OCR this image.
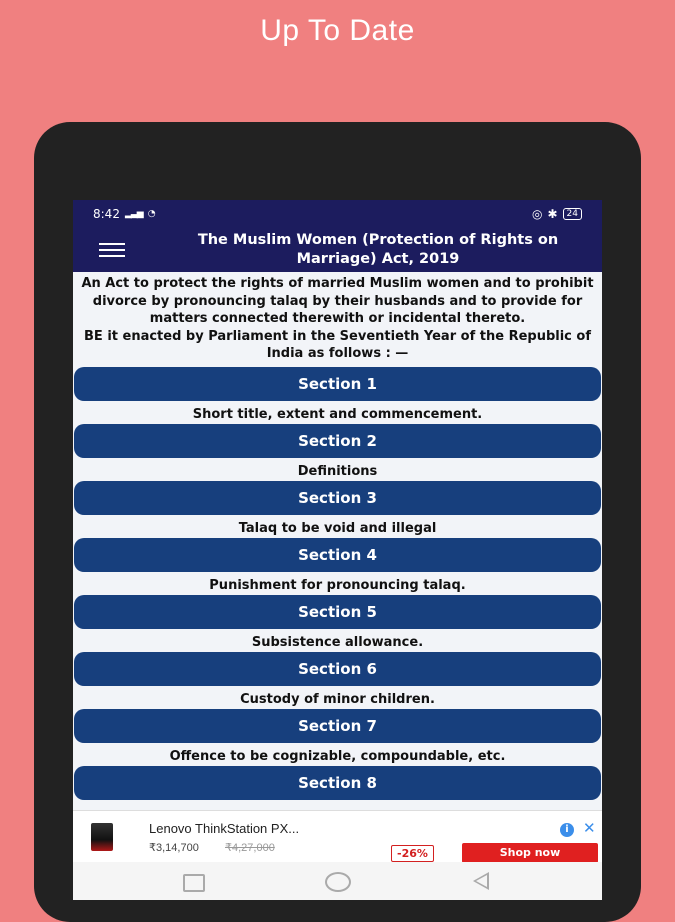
Up To Date
8:42 ▂▃▅ ◔	◎ ✱	24
The Muslim Women (Protection of Rights on Marriage) Act, 2019

An Act to protect the rights of married Muslim women and to prohibit divorce by pronouncing talaq by their husbands and to provide for matters connected therewith or incidental thereto.

BE it enacted by Parliament in the Seventieth Year of the Republic of India as follows : —

Section 1
Short title, extent and commencement.
Section 2
Definitions
Section 3
Talaq to be void and illegal
Section 4
Punishment for pronouncing talaq.
Section 5
Subsistence allowance.
Section 6
Custody of minor children.
Section 7
Offence to be cognizable, compoundable, etc.
Section 8
Lenovo ThinkStation PX...
₹3,14,700 ₹4,27,000	-26%	Shop now
i ✕
